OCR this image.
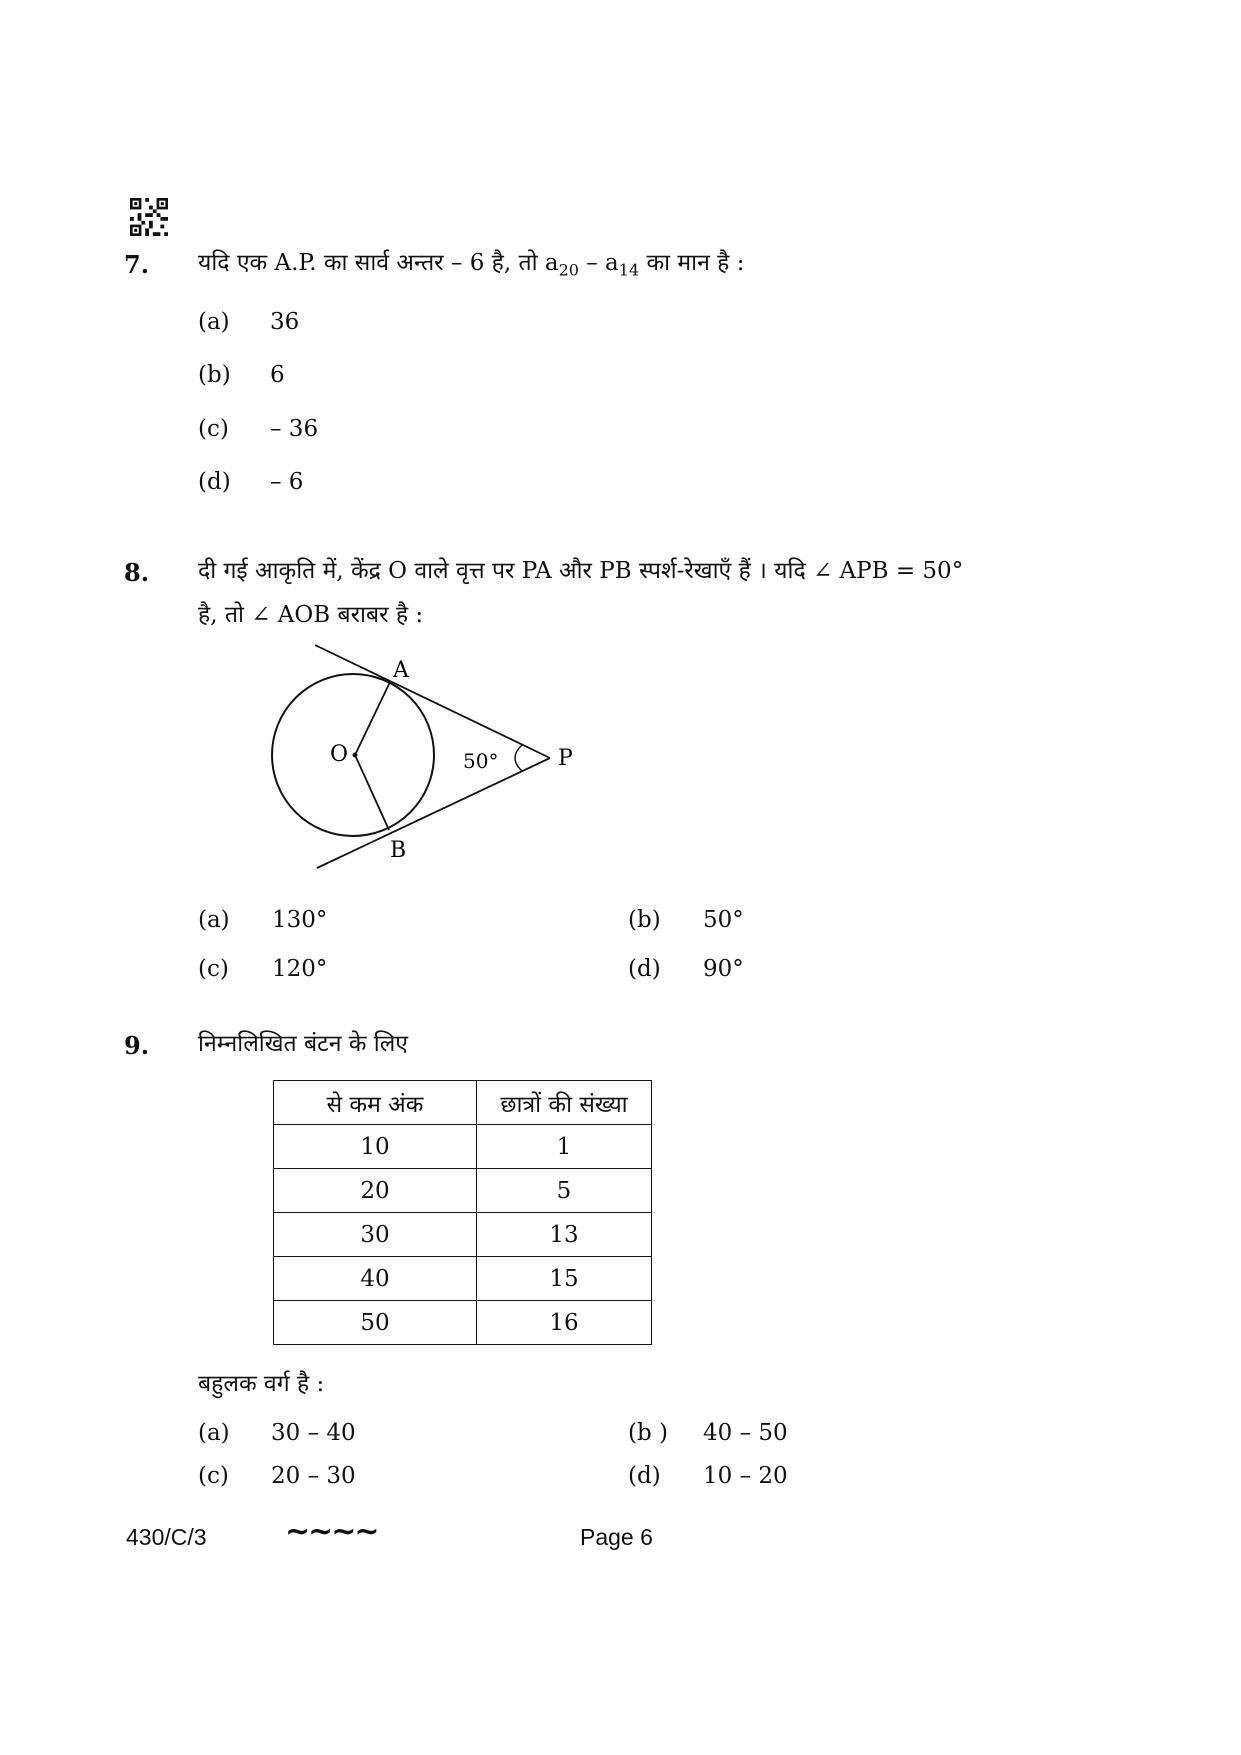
7. यदि एक A.P. का सार्व अन्तर – 6 है, तो $a_{20} - a_{14}$ का मान है :
(a) 36
(b) 6
(c) – 36
(d) – 6
8. दी गई आकृति में, केंद्र O वाले वृत्त पर PA और PB स्पर्श-रेखाएँ हैं । यदि ∠ APB = 50°
है, तो ∠ AOB बराबर है :
A
O	P
B
50°
(a) 130°	(b) 50°
(c) 120°	(d) 90°
9. निम्नलिखित बंटन के लिए
से कम अंक	छात्रों की संख्या
10	1
20	5
30	13
40	15
50	16
बहुलक वर्ग है :
(a) 30 – 40	(b ) 40 – 50
(c) 20 – 30	(d) 10 – 20
430/C/3	∼∼∼∼	Page 6
